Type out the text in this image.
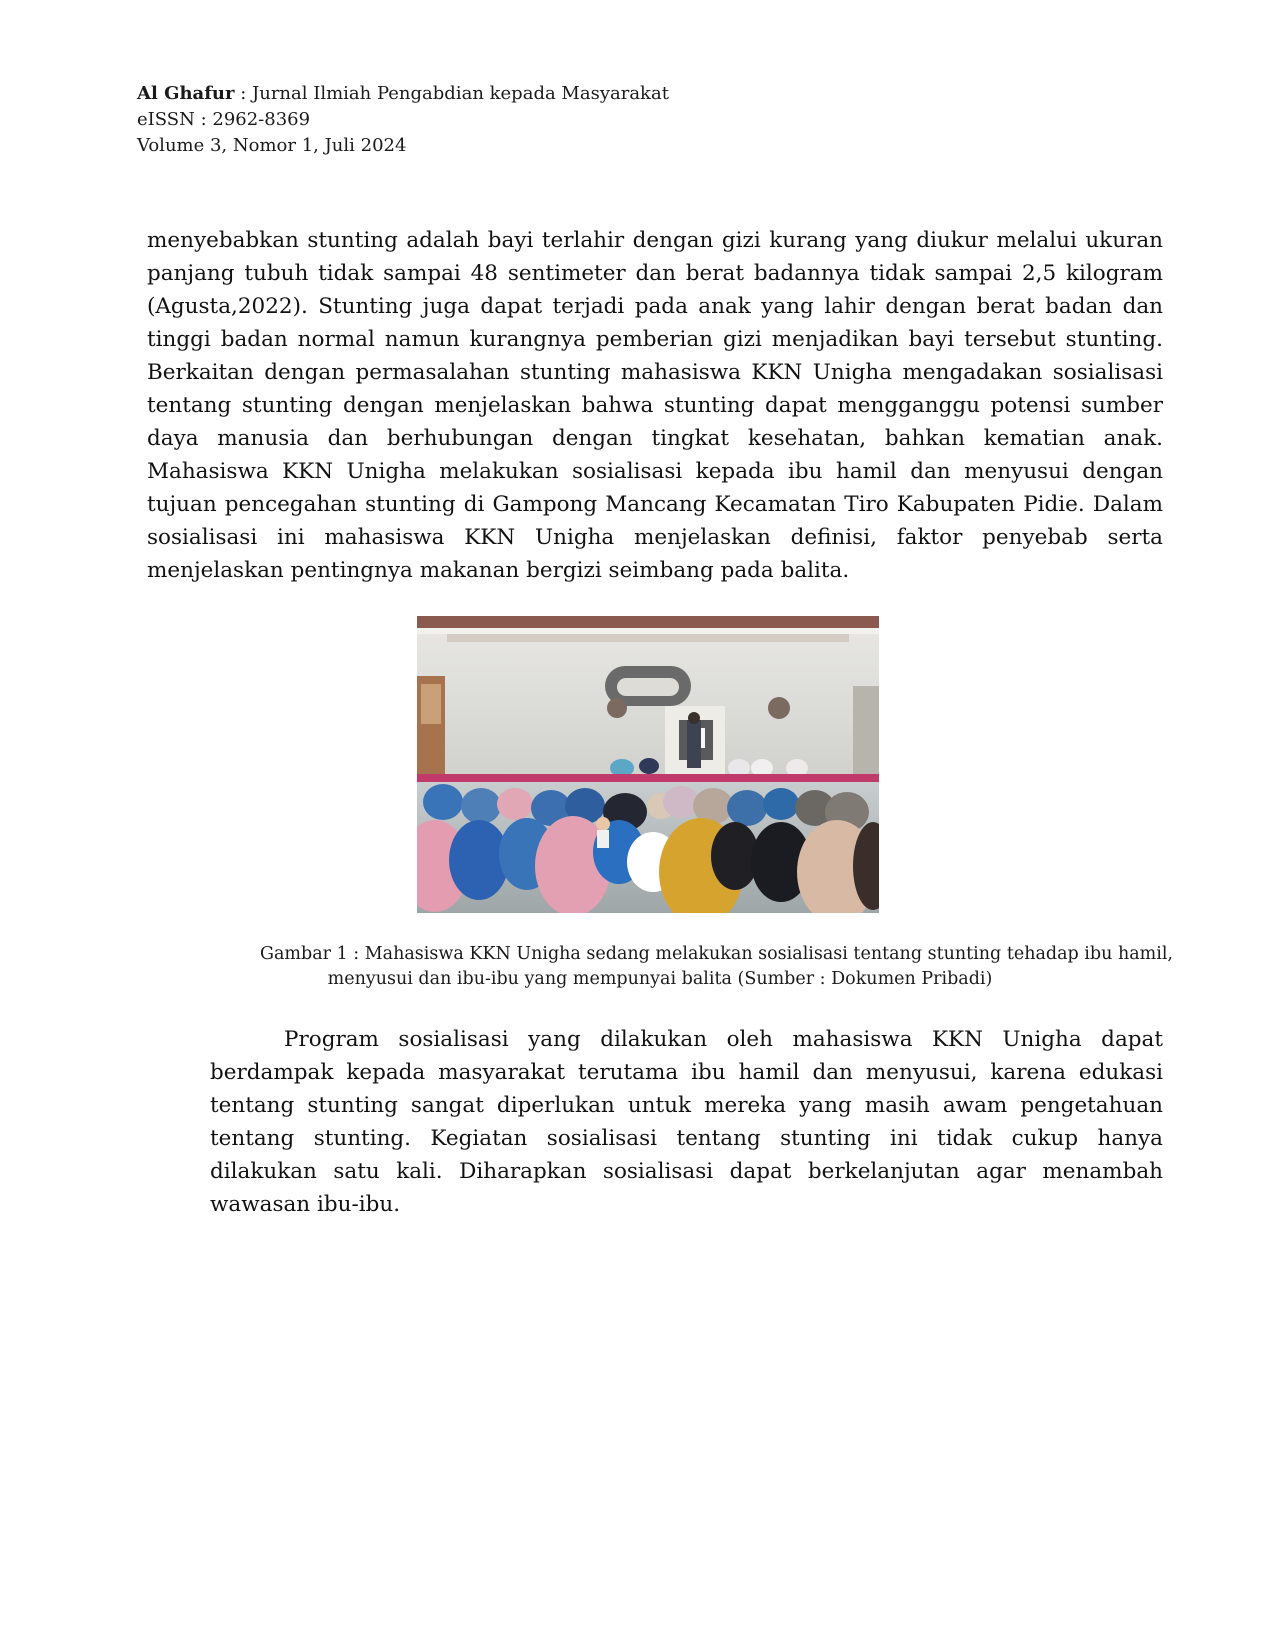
Al Ghafur : Jurnal Ilmiah Pengabdian kepada Masyarakat
eISSN : 2962-8369
Volume 3, Nomor 1, Juli 2024

menyebabkan stunting adalah bayi terlahir dengan gizi kurang yang diukur melalui ukuran panjang tubuh tidak sampai 48 sentimeter dan berat badannya tidak sampai 2,5 kilogram (Agusta,2022). Stunting juga dapat terjadi pada anak yang lahir dengan berat badan dan tinggi badan normal namun kurangnya pemberian gizi menjadikan bayi tersebut stunting. Berkaitan dengan permasalahan stunting mahasiswa KKN Unigha mengadakan sosialisasi tentang stunting dengan menjelaskan bahwa stunting dapat mengganggu potensi sumber daya manusia dan berhubungan dengan tingkat kesehatan, bahkan kematian anak. Mahasiswa KKN Unigha melakukan sosialisasi kepada ibu hamil dan menyusui dengan tujuan pencegahan stunting di Gampong Mancang Kecamatan Tiro Kabupaten Pidie. Dalam sosialisasi ini mahasiswa KKN Unigha menjelaskan definisi, faktor penyebab serta menjelaskan pentingnya makanan bergizi seimbang pada balita.

Gambar 1 : Mahasiswa KKN Unigha sedang melakukan sosialisasi tentang stunting tehadap ibu hamil,
menyusui dan ibu-ibu yang mempunyai balita (Sumber : Dokumen Pribadi)

Program sosialisasi yang dilakukan oleh mahasiswa KKN Unigha dapat berdampak kepada masyarakat terutama ibu hamil dan menyusui, karena edukasi tentang stunting sangat diperlukan untuk mereka yang masih awam pengetahuan tentang stunting. Kegiatan sosialisasi tentang stunting ini tidak cukup hanya dilakukan satu kali. Diharapkan sosialisasi dapat berkelanjutan agar menambah wawasan ibu-ibu.
